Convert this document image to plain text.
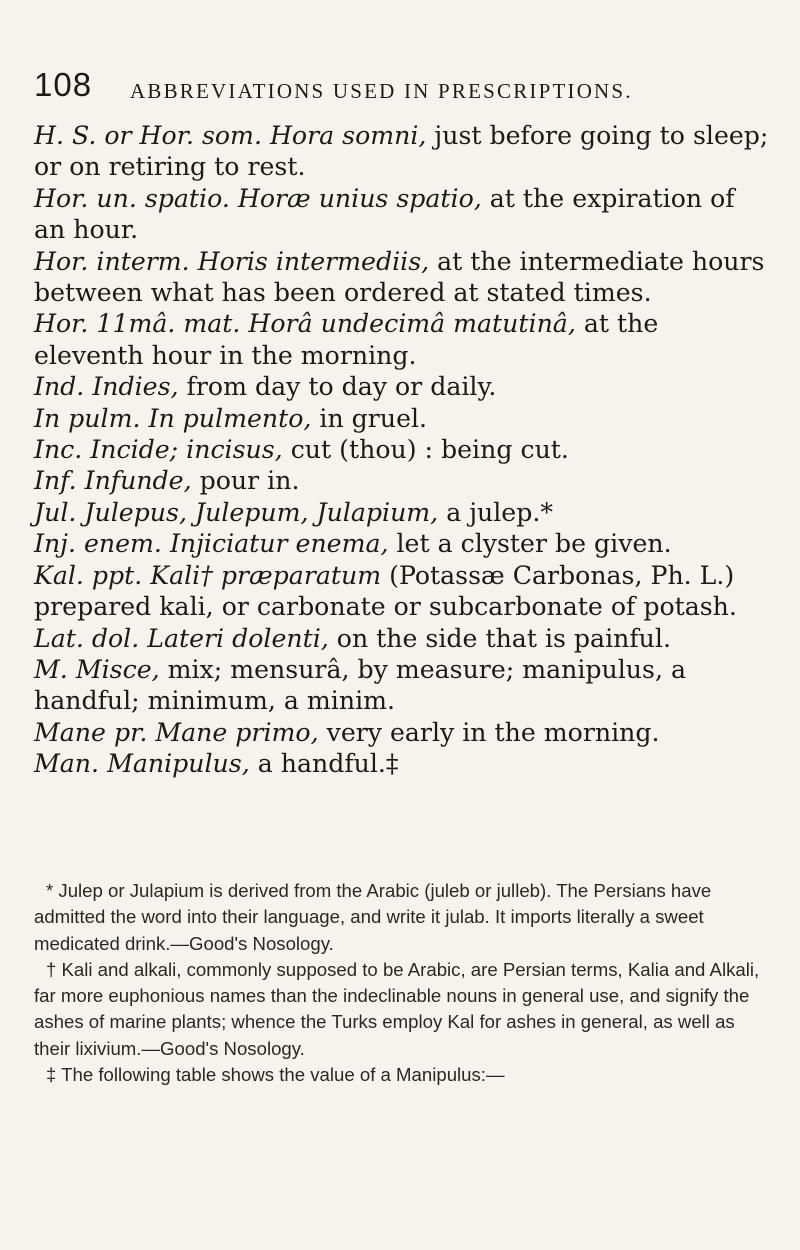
108 ABBREVIATIONS USED IN PRESCRIPTIONS.

H. S. or Hor. som. Hora somni, just before going to sleep; or on retiring to rest.

Hor. un. spatio. Horæ unius spatio, at the expiration of an hour.

Hor. interm. Horis intermediis, at the intermediate hours between what has been ordered at stated times.

Hor. 11mâ. mat. Horâ undecimâ matutinâ, at the eleventh hour in the morning.

Ind. Indies, from day to day or daily.

In pulm. In pulmento, in gruel.

Inc. Incide; incisus, cut (thou) : being cut.

Inf. Infunde, pour in.

Jul. Julepus, Julepum, Julapium, a julep.*

Inj. enem. Injiciatur enema, let a clyster be given.

Kal. ppt. Kali† præparatum (Potassæ Carbonas, Ph. L.) prepared kali, or carbonate or subcarbonate of potash.

Lat. dol. Lateri dolenti, on the side that is painful.

M. Misce, mix; mensurâ, by measure; manipulus, a handful; minimum, a minim.

Mane pr. Mane primo, very early in the morning.

Man. Manipulus, a handful.‡

* Julep or Julapium is derived from the Arabic (juleb or julleb). The Persians have admitted the word into their language, and write it julab. It imports literally a sweet medicated drink.—Good's Nosology.

† Kali and alkali, commonly supposed to be Arabic, are Persian terms, Kalia and Alkali, far more euphonious names than the indeclinable nouns in general use, and signify the ashes of marine plants; whence the Turks employ Kal for ashes in general, as well as their lixivium.—Good's Nosology.

‡ The following table shows the value of a Manipulus:—
